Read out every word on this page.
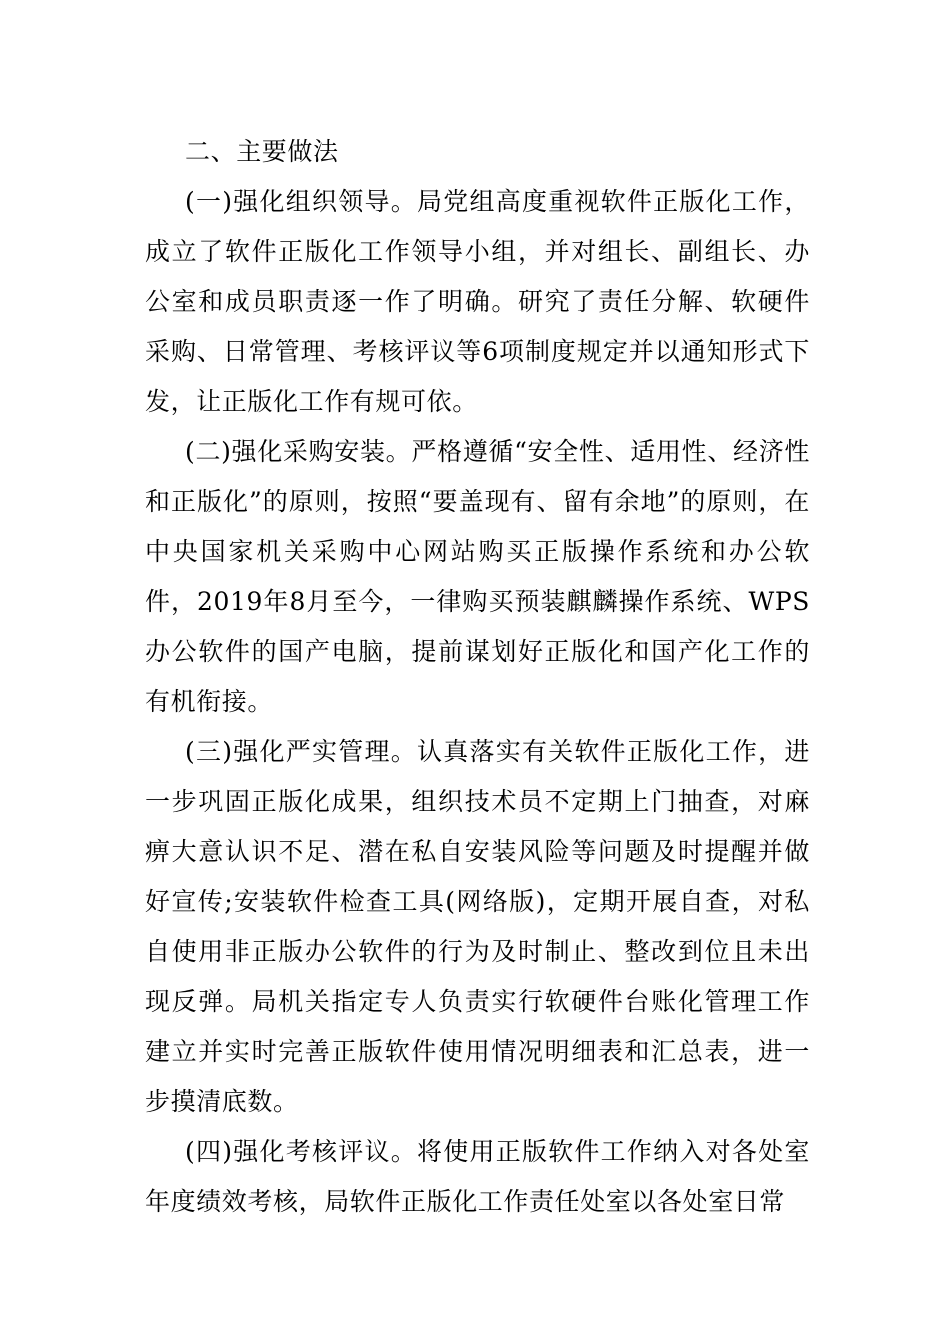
二、主要做法

(一)强化组织领导。局党组高度重视软件正版化工作，成立了软件正版化工作领导小组，并对组长、副组长、办公室和成员职责逐一作了明确。研究了责任分解、软硬件采购、日常管理、考核评议等6项制度规定并以通知形式下发，让正版化工作有规可依。

(二)强化采购安装。严格遵循“安全性、适用性、经济性和正版化”的原则，按照“要盖现有、留有余地”的原则，在中央国家机关采购中心网站购买正版操作系统和办公软件，2019年8月至今，一律购买预装麒麟操作系统、WPS办公软件的国产电脑，提前谋划好正版化和国产化工作的有机衔接。

(三)强化严实管理。认真落实有关软件正版化工作，进一步巩固正版化成果，组织技术员不定期上门抽查，对麻痹大意认识不足、潜在私自安装风险等问题及时提醒并做好宣传;安装软件检查工具(网络版)，定期开展自查，对私自使用非正版办公软件的行为及时制止、整改到位且未出现反弹。局机关指定专人负责实行软硬件台账化管理工作建立并实时完善正版软件使用情况明细表和汇总表，进一步摸清底数。

(四)强化考核评议。将使用正版软件工作纳入对各处室年度绩效考核，局软件正版化工作责任处室以各处室日常
